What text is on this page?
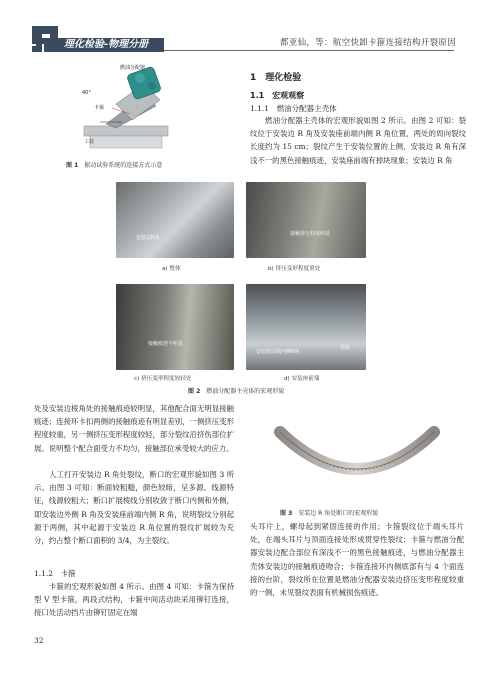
理化检验-物理分册	都亚仙，等：航空快卸卡箍连接结构开裂原因
燃油分配器
40°
卡箍
工装
图 1 振动试验系统的连接方式示意
1　理化检验
1.1　宏观观察
1.1.1　燃油分配器主壳体
燃油分配器主壳体的宏观形貌如图 2 所示。由图 2 可知：裂纹位于安装边 R 角及安装座前端内侧 R 角位置，两处的周向裂纹长度约为 15 cm；裂纹产生于安装位置的上侧，安装边 R 角有深浅不一的黑色接触痕迹，安装座前端有掉块现象；安装边 R 角
安装边R角
接触挤压程度明显
a) 整体	b) 挤压变形程度重处
接触痕迹不明显
安装座前端内侧R角
掉块
c) 挤压变形程度较轻处	d) 安装座前端
图 2 燃油分配器主壳体的宏观形貌
处及安装边棱角处的接触痕迹较明显，其他配合面无明显接触痕迹；连接环卡扣两侧的接触痕迹有明显差别，一侧挤压变形程度较重，另一侧挤压变形程度较轻，部分裂纹沿挤伤部位扩展。说明整个配合面受力不均匀，接触部位承受较大的应力。
人工打开安装边 R 角处裂纹，断口的宏观形貌如图 3 所示。由图 3 可知：断面较粗糙，颜色较暗，呈多源、线源特征，线源较粗大；断口扩展棱线分别收敛于断口内侧和外侧，即安装边外侧 R 角及安装座前端内侧 R 角，说明裂纹分别起源于两侧，其中起源于安装边 R 角位置的裂纹扩展较为充分，约占整个断口面积的 3/4，为主裂纹。
1.1.2　卡箍
卡箍的宏观形貌如图 4 所示。由图 4 可知：卡箍为保持型 V 型卡箍，两段式结构，卡箍中间活动块采用铆钉连接，接口处活动挡片由铆钉固定在端
图 3 安装边 R 角处断口的宏观形貌
头耳片上，螺母起到紧固连接的作用；卡箍裂纹位于端头耳片处，在端头耳片与顶面连接处形成贯穿性裂纹；卡箍与燃油分配器安装边配合部位有深浅不一的黑色接触痕迹，与燃油分配器主壳体安装边的接触痕迹吻合；卡箍连接环内侧底部有与 4 个面连接的台阶，裂纹所在位置是燃油分配器安装边挤压变形程度较重的一侧，未见裂纹表面有机械损伤痕迹。
32
